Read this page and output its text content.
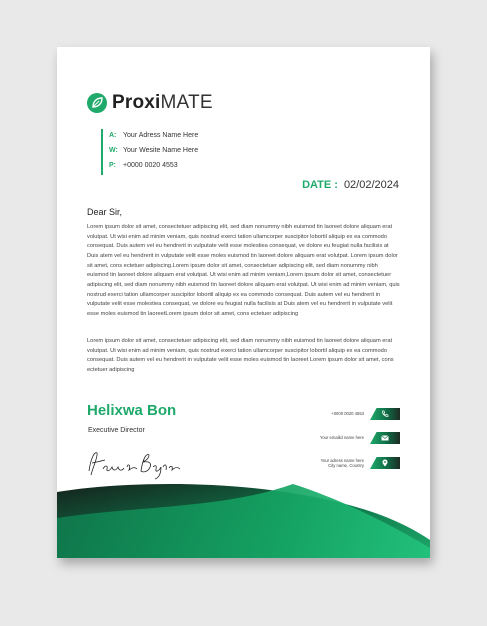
ProxiMATE
A: Your Adress Name Here
W: Your Wesite Name Here
P:	+0000 0020 4553
DATE : 02/02/2024
Dear Sir,

Lorem ipsum dolor sit amet, consectetuer adipiscing elit, sed diam nonummy nibh euismod tin laoreet dolore aliquam erat volutpat. Ut wisi enim ad minim veniam, quis nostrud exerci tation ullamcorper suscipitor lobortil aliquip ex ea commodo consequat. Duis autem vel eu hendrerit in vulputate velit esse molestiea consequat, ve dolore eu feugiat nulla facilisis at Duis atem vel eu hendrerit in vulputate velit esse moles euismod tin laoreet dolore aliquam erat volutpat. Lorem ipsum dolor sit amet, cons ectetuer adipiscing.Lorem ipsum dolor sit amet, consectetuer adipiscing elit, sed diam nonummy nibh euismod tin laoreet dolore aliquam erat volutpat. Ut wisi enim ad minim veniam,Lorem ipsum dolor sit amet, consectetuer adipiscing elit, sed diam nonummy nibh euismod tin laoreet dolore aliquam erat volutpat. Ut wisi enim ad minim veniam, quis nostrud exerci tation ullamcorper suscipitor lobortil aliquip ex ea commodo consequat. Duis autem vel eu hendrerit in vulputate velit esse molestiea consequat, ve dolore eu feugiat nulla facilisis at Duis atem vel eu hendrerit in vulputate velit esse moles euismod tin laoreetLorem ipsum dolor sit amet, cons ectetuer adipiscing

Lorem ipsum dolor sit amet, consectetuer adipiscing elit, sed diam nonummy nibh euismod tin laoreet dolore aliquam erat volutpat. Ut wisi enim ad minim veniam, quis nostrud exerci tation ullamcorper suscipitor lobortil aliquip ex ea commodo consequat. Duis autem vel eu hendrerit in vulputate velit esse moles euismod tin laoreet Lorem ipsum dolor sit amet, cons ectetuer adipiscing

Helixwa Bon
Executive Director
+0000 0020 4553
Your emailid name here
Your adress name here
City name, Country
